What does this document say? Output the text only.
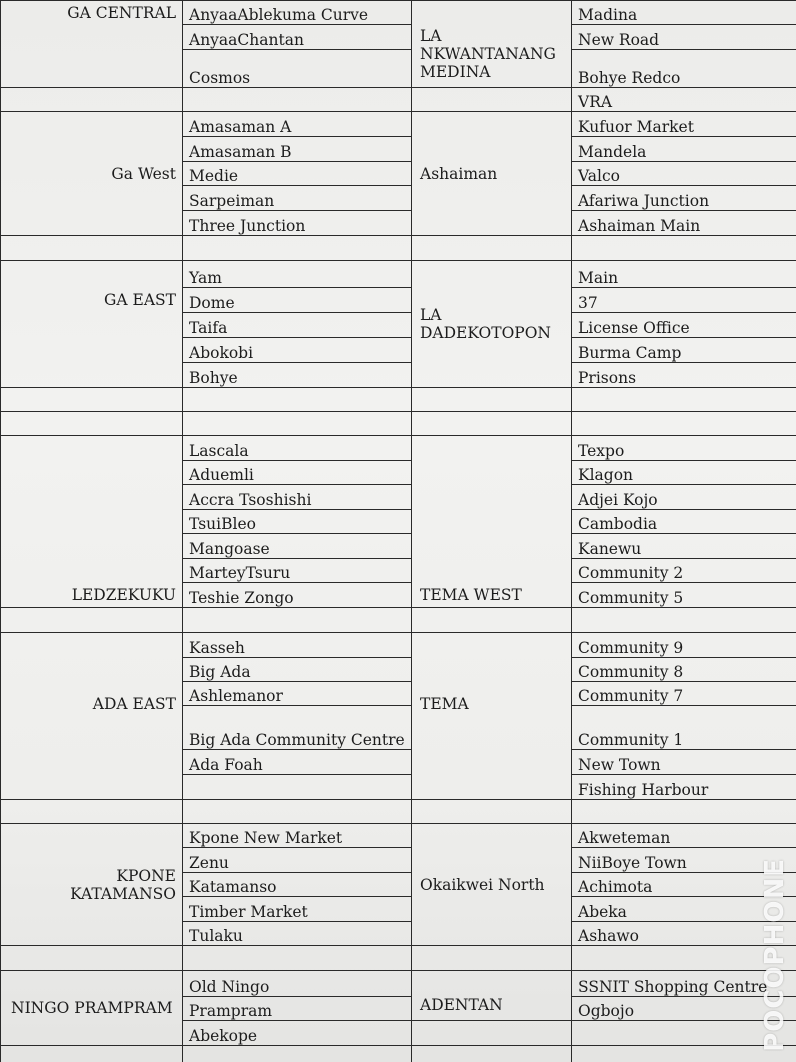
GA CENTRAL	AnyaaAblekuma Curve	LA NKWANTANANG MEDINA	Madina
	AnyaaChantan		New Road
	Cosmos		Bohye Redco
			VRA
Ga West	Amasaman A	Ashaiman	Kufuor Market
	Amasaman B		Mandela
	Medie		Valco
	Sarpeiman		Afariwa Junction
	Three Junction		Ashaiman Main

GA EAST	Yam	LA DADEKOTOPON	Main
	Dome		37
	Taifa		License Office
	Abokobi		Burma Camp
	Bohye		Prisons

LEDZEKUKU	Lascala	TEMA WEST	Texpo
	Aduemli		Klagon
	Accra Tsoshishi		Adjei Kojo
	TsuiBleo		Cambodia
	Mangoase		Kanewu
	MarteyTsuru		Community 2
	Teshie Zongo		Community 5

ADA EAST	Kasseh	TEMA	Community 9
	Big Ada		Community 8
	Ashlemanor		Community 7
	Big Ada Community Centre		Community 1
	Ada Foah		New Town
			Fishing Harbour

KPONE KATAMANSO	Kpone New Market	Okaikwei North	Akweteman
	Zenu		NiiBoye Town
	Katamanso		Achimota
	Timber Market		Abeka
	Tulaku		Ashawo

NINGO PRAMPRAM	Old Ningo	ADENTAN	SSNIT Shopping Centre
	Prampram		Ogbojo
	Abekope		
				POCOPHONE
